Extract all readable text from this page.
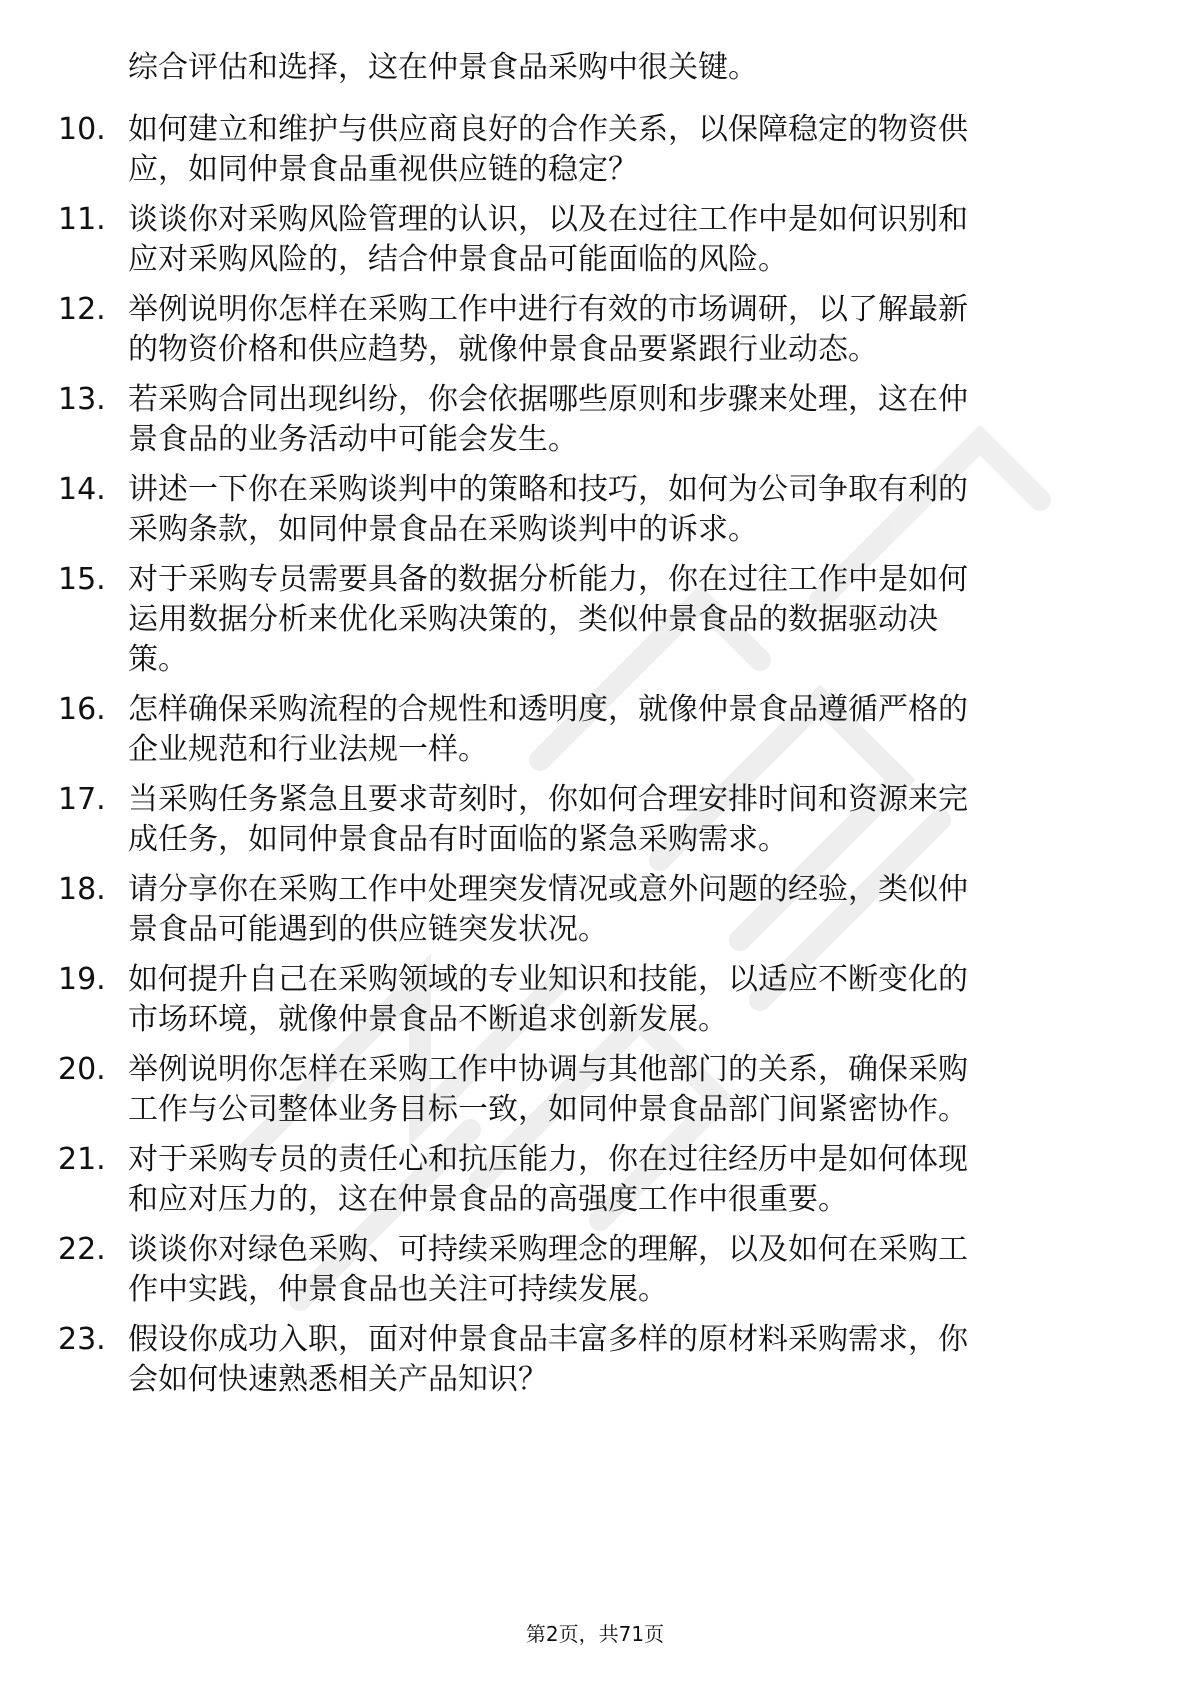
综合评估和选择，这在仲景食品采购中很关键。
10. 如何建立和维护与供应商良好的合作关系，以保障稳定的物资供
应，如同仲景食品重视供应链的稳定？
11. 谈谈你对采购风险管理的认识，以及在过往工作中是如何识别和
应对采购风险的，结合仲景食品可能面临的风险。
12. 举例说明你怎样在采购工作中进行有效的市场调研，以了解最新
的物资价格和供应趋势，就像仲景食品要紧跟行业动态。
13. 若采购合同出现纠纷，你会依据哪些原则和步骤来处理，这在仲
景食品的业务活动中可能会发生。
14. 讲述一下你在采购谈判中的策略和技巧，如何为公司争取有利的
采购条款，如同仲景食品在采购谈判中的诉求。
15. 对于采购专员需要具备的数据分析能力，你在过往工作中是如何
运用数据分析来优化采购决策的，类似仲景食品的数据驱动决
策。
16. 怎样确保采购流程的合规性和透明度，就像仲景食品遵循严格的
企业规范和行业法规一样。
17. 当采购任务紧急且要求苛刻时，你如何合理安排时间和资源来完
成任务，如同仲景食品有时面临的紧急采购需求。
18. 请分享你在采购工作中处理突发情况或意外问题的经验，类似仲
景食品可能遇到的供应链突发状况。
19. 如何提升自己在采购领域的专业知识和技能，以适应不断变化的
市场环境，就像仲景食品不断追求创新发展。
20. 举例说明你怎样在采购工作中协调与其他部门的关系，确保采购
工作与公司整体业务目标一致，如同仲景食品部门间紧密协作。
21. 对于采购专员的责任心和抗压能力，你在过往经历中是如何体现
和应对压力的，这在仲景食品的高强度工作中很重要。
22. 谈谈你对绿色采购、可持续采购理念的理解，以及如何在采购工
作中实践，仲景食品也关注可持续发展。
23. 假设你成功入职，面对仲景食品丰富多样的原材料采购需求，你
会如何快速熟悉相关产品知识？
第2页，共71页
